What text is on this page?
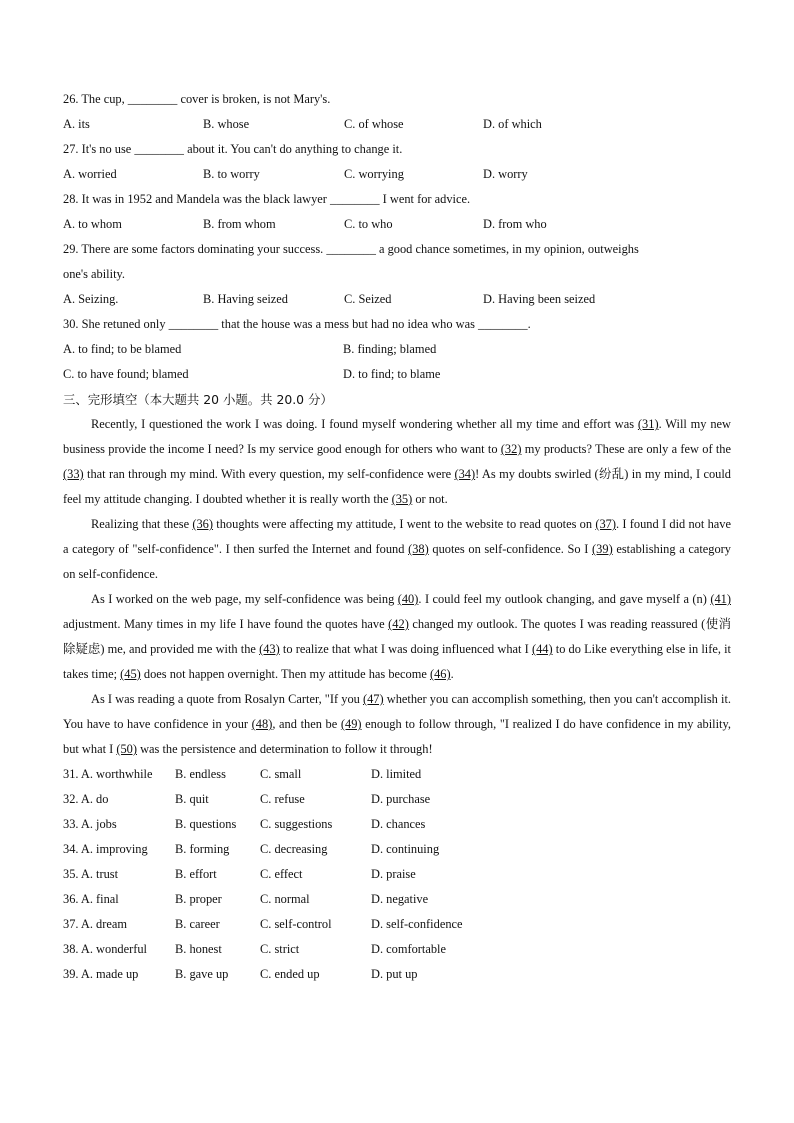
26. The cup, ________ cover is broken, is not Mary's.
A. its	B. whose	C. of whose	D. of which
27. It's no use ________ about it. You can't do anything to change it.
A. worried	B. to worry	C. worrying	D. worry
28. It was in 1952 and Mandela was the black lawyer ________ I went for advice.
A. to whom	B. from whom	C. to who	D. from who
29. There are some factors dominating your success. ________ a good chance sometimes, in my opinion, outweighs
one's ability.
A. Seizing.	B. Having seized	C. Seized	D. Having been seized
30. She retuned only ________ that the house was a mess but had no idea who was ________.
A. to find; to be blamed	B. finding; blamed
C. to have found; blamed	D. to find; to blame
三、完形填空（本大题共 20 小题。共 20.0 分）

Recently, I questioned the work I was doing. I found myself wondering whether all my time and effort was (31). Will my new business provide the income I need? Is my service good enough for others who want to (32) my products? These are only a few of the (33) that ran through my mind. With every question, my self-confidence were (34)! As my doubts swirled (纷乱) in my mind, I could feel my attitude changing. I doubted whether it is really worth the (35) or not.

Realizing that these (36) thoughts were affecting my attitude, I went to the website to read quotes on (37). I found I did not have a category of "self-confidence". I then surfed the Internet and found (38) quotes on self-confidence. So I (39) establishing a category on self-confidence.

As I worked on the web page, my self-confidence was being (40). I could feel my outlook changing, and gave myself a (n) (41) adjustment. Many times in my life I have found the quotes have (42) changed my outlook. The quotes I was reading reassured (使消除疑虑) me, and provided me with the (43) to realize that what I was doing influenced what I (44) to do Like everything else in life, it takes time; (45) does not happen overnight. Then my attitude has become (46).

As I was reading a quote from Rosalyn Carter, "If you (47) whether you can accomplish something, then you can't accomplish it. You have to have confidence in your (48), and then be (49) enough to follow through, "I realized I do have confidence in my ability, but what I (50) was the persistence and determination to follow it through!

31. A. worthwhile B. endless	C. small	D. limited
32. A. do	B. quit	C. refuse	D. purchase
33. A. jobs	B. questions C. suggestions	D. chances
34. A. improving B. forming C. decreasing	D. continuing
35. A. trust	B. effort	C. effect	D. praise
36. A. final	B. proper	C. normal	D. negative
37. A. dream	B. career	C. self-control	D. self-confidence
38. A. wonderful B. honest	C. strict	D. comfortable
39. A. made up	B. gave up	C. ended up	D. put up
